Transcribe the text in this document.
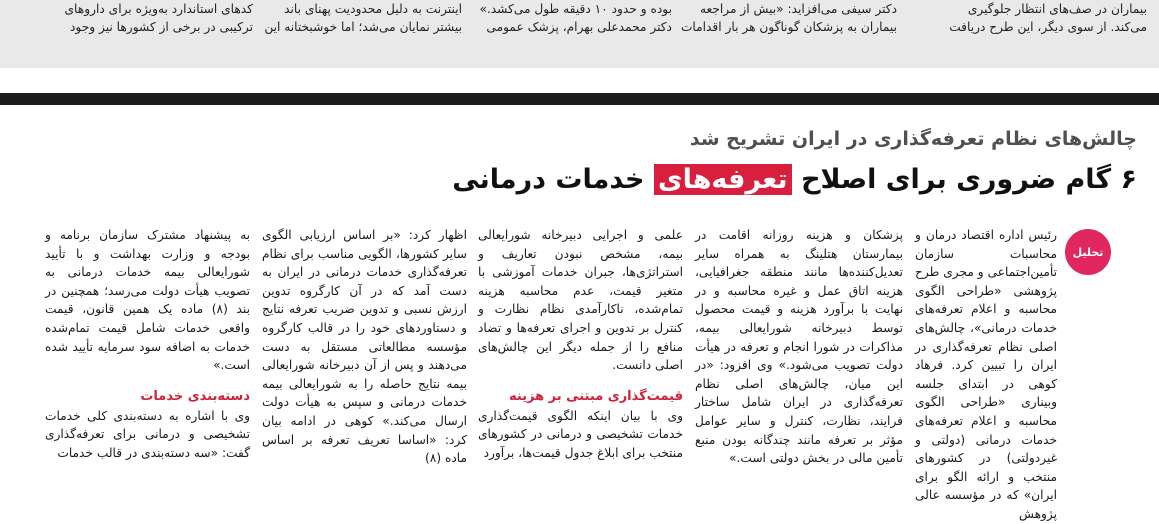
بیماران در صف‌های انتظار جلوگیری
می‌کند. از سوی دیگر، این طرح دریافت
دکتر سیفی می‌افزاید: «بیش از مراجعه
بیماران به پزشکان گوناگون هر بار اقدامات
بوده و حدود ۱۰ دقیقه طول می‌کشد.»
دکتر محمدعلی بهرام، پزشک عمومی
اینترنت به دلیل محدودیت پهنای باند
بیشتر نمایان می‌شد؛ اما خوشبختانه این
کدهای استاندارد به‌ویژه برای داروهای
ترکیبی در برخی از کشورها نیز وجود
چالش‌های نظام تعرفه‌گذاری در ایران تشریح شد
۶ گام ضروری برای اصلاح تعرفه‌های خدمات درمانی
تحلیل

رئیس اداره اقتصاد درمان و محاسبات سازمان تأمین‌اجتماعی و مجری طرح پژوهشی «طراحی الگوی محاسبه و اعلام تعرفه‌های خدمات درمانی»، چالش‌های اصلی نظام تعرفه‌گذاری در ایران را تبیین کرد. فرهاد کوهی در ابتدای جلسه وبیناری «طراحی الگوی محاسبه و اعلام تعرفه‌های خدمات درمانی (دولتی و غیردولتی) در کشورهای منتخب و ارائه الگو برای ایران» که در مؤسسه عالی پژوهش

پزشکان و هزینه روزانه اقامت در بیمارستان هتلینگ به همراه سایر تعدیل‌کننده‌ها مانند منطقه جغرافیایی، هزینه اتاق عمل و غیره محاسبه و در نهایت با برآورد هزینه و قیمت محصول توسط دبیرخانه شورایعالی بیمه، مذاکرات در شورا انجام و تعرفه در هیأت دولت تصویب می‌شود.» وی افزود: «در این میان، چالش‌های اصلی نظام تعرفه‌گذاری در ایران شامل ساختار فرایند، نظارت، کنترل و سایر عوامل مؤثر بر تعرفه مانند چندگانه بودن منبع تأمین مالی در بخش دولتی است.»

علمی و اجرایی دبیرخانه شورایعالی بیمه، مشخص نبودن تعاریف و استراتژی‌ها، جبران خدمات آموزشی با متغیر قیمت، عدم محاسبه هزینه تمام‌شده، ناکارآمدی نظام نظارت و کنترل بر تدوین و اجرای تعرفه‌ها و تضاد منافع را از جمله دیگر این چالش‌های اصلی دانست.

قیمت‌گذاری مبتنی بر هزینه

وی با بیان اینکه الگوی قیمت‌گذاری خدمات تشخیصی و درمانی در کشورهای منتخب برای ابلاغ جدول قیمت‌ها، برآورد

اظهار کرد: «بر اساس ارزیابی الگوی سایر کشورها، الگویی مناسب برای نظام تعرفه‌گذاری خدمات درمانی در ایران به دست آمد که در آن کارگروه تدوین ارزش نسبی و تدوین ضریب تعرفه نتایج و دستاوردهای خود را در قالب کارگروه مؤسسه مطالعاتی مستقل به دست می‌دهند و پس از آن دبیرخانه شورایعالی بیمه نتایج حاصله را به شورایعالی بیمه خدمات درمانی و سپس به هیأت دولت ارسال می‌کند.» کوهی در ادامه بیان کرد: «اساسا تعریف تعرفه بر اساس ماده (۸)

به پیشنهاد مشترک سازمان برنامه و بودجه و وزارت بهداشت و با تأیید شورایعالی بیمه خدمات درمانی به تصویب هیأت دولت می‌رسد؛ همچنین در بند (۸) ماده یک همین قانون، قیمت واقعی خدمات شامل قیمت تمام‌شده خدمات به اضافه سود سرمایه تأیید شده است.»

دسته‌بندی خدمات

وی با اشاره به دسته‌بندی کلی خدمات تشخیصی و درمانی برای تعرفه‌گذاری گفت: «سه دسته‌بندی در قالب خدمات
